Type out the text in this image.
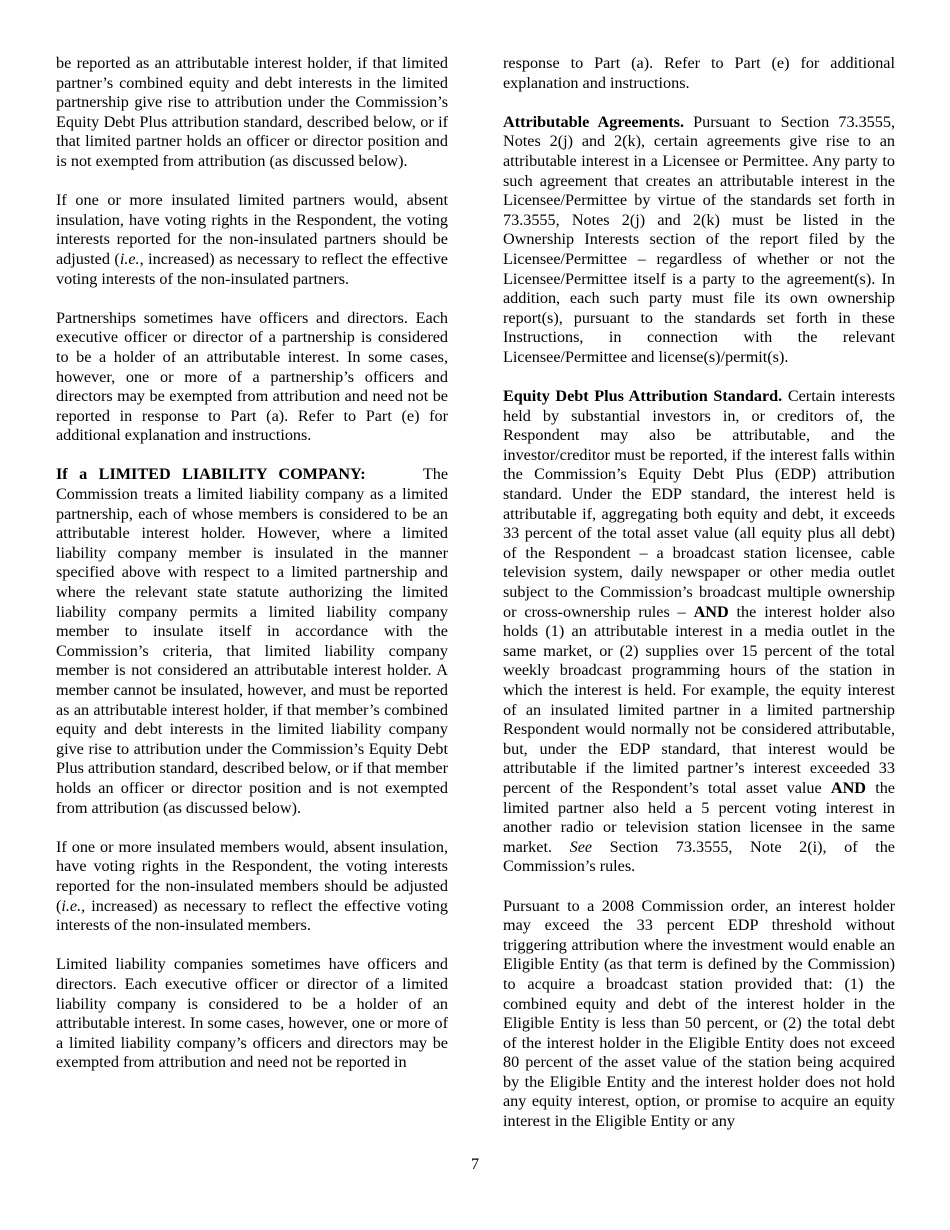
be reported as an attributable interest holder, if that limited partner’s combined equity and debt interests in the limited partnership give rise to attribution under the Commission’s Equity Debt Plus attribution standard, described below, or if that limited partner holds an officer or director position and is not exempted from attribution (as discussed below).

If one or more insulated limited partners would, absent insulation, have voting rights in the Respondent, the voting interests reported for the non-insulated partners should be adjusted (i.e., increased) as necessary to reflect the effective voting interests of the non-insulated partners.

Partnerships sometimes have officers and directors. Each executive officer or director of a partnership is considered to be a holder of an attributable interest. In some cases, however, one or more of a partnership’s officers and directors may be exempted from attribution and need not be reported in response to Part (a). Refer to Part (e) for additional explanation and instructions.

If a LIMITED LIABILITY COMPANY:	The Commission treats a limited liability company as a limited partnership, each of whose members is considered to be an attributable interest holder. However, where a limited liability company member is insulated in the manner specified above with respect to a limited partnership and where the relevant state statute authorizing the limited liability company permits a limited liability company member to insulate itself in accordance with the Commission’s criteria, that limited liability company member is not considered an attributable interest holder. A member cannot be insulated, however, and must be reported as an attributable interest holder, if that member’s combined equity and debt interests in the limited liability company give rise to attribution under the Commission’s Equity Debt Plus attribution standard, described below, or if that member holds an officer or director position and is not exempted from attribution (as discussed below).

If one or more insulated members would, absent insulation, have voting rights in the Respondent, the voting interests reported for the non-insulated members should be adjusted (i.e., increased) as necessary to reflect the effective voting interests of the non-insulated members.

Limited liability companies sometimes have officers and directors. Each executive officer or director of a limited liability company is considered to be a holder of an attributable interest. In some cases, however, one or more of a limited liability company’s officers and directors may be exempted from attribution and need not be reported in

response to Part (a). Refer to Part (e) for additional explanation and instructions.

Attributable Agreements. Pursuant to Section 73.3555, Notes 2(j) and 2(k), certain agreements give rise to an attributable interest in a Licensee or Permittee. Any party to such agreement that creates an attributable interest in the Licensee/Permittee by virtue of the standards set forth in 73.3555, Notes 2(j) and 2(k) must be listed in the Ownership Interests section of the report filed by the Licensee/Permittee – regardless of whether or not the Licensee/Permittee itself is a party to the agreement(s). In addition, each such party must file its own ownership report(s), pursuant to the standards set forth in these Instructions, in connection with the relevant Licensee/Permittee and license(s)/permit(s).

Equity Debt Plus Attribution Standard. Certain interests held by substantial investors in, or creditors of, the Respondent may also be attributable, and the investor/creditor must be reported, if the interest falls within the Commission’s Equity Debt Plus (EDP) attribution standard. Under the EDP standard, the interest held is attributable if, aggregating both equity and debt, it exceeds 33 percent of the total asset value (all equity plus all debt) of the Respondent – a broadcast station licensee, cable television system, daily newspaper or other media outlet subject to the Commission’s broadcast multiple ownership or cross-ownership rules – AND the interest holder also holds (1) an attributable interest in a media outlet in the same market, or (2) supplies over 15 percent of the total weekly broadcast programming hours of the station in which the interest is held. For example, the equity interest of an insulated limited partner in a limited partnership Respondent would normally not be considered attributable, but, under the EDP standard, that interest would be attributable if the limited partner’s interest exceeded 33 percent of the Respondent’s total asset value AND the limited partner also held a 5 percent voting interest in another radio or television station licensee in the same market. See Section 73.3555, Note 2(i), of the Commission’s rules.

Pursuant to a 2008 Commission order, an interest holder may exceed the 33 percent EDP threshold without triggering attribution where the investment would enable an Eligible Entity (as that term is defined by the Commission) to acquire a broadcast station provided that: (1) the combined equity and debt of the interest holder in the Eligible Entity is less than 50 percent, or (2) the total debt of the interest holder in the Eligible Entity does not exceed 80 percent of the asset value of the station being acquired by the Eligible Entity and the interest holder does not hold any equity interest, option, or promise to acquire an equity interest in the Eligible Entity or any

7
